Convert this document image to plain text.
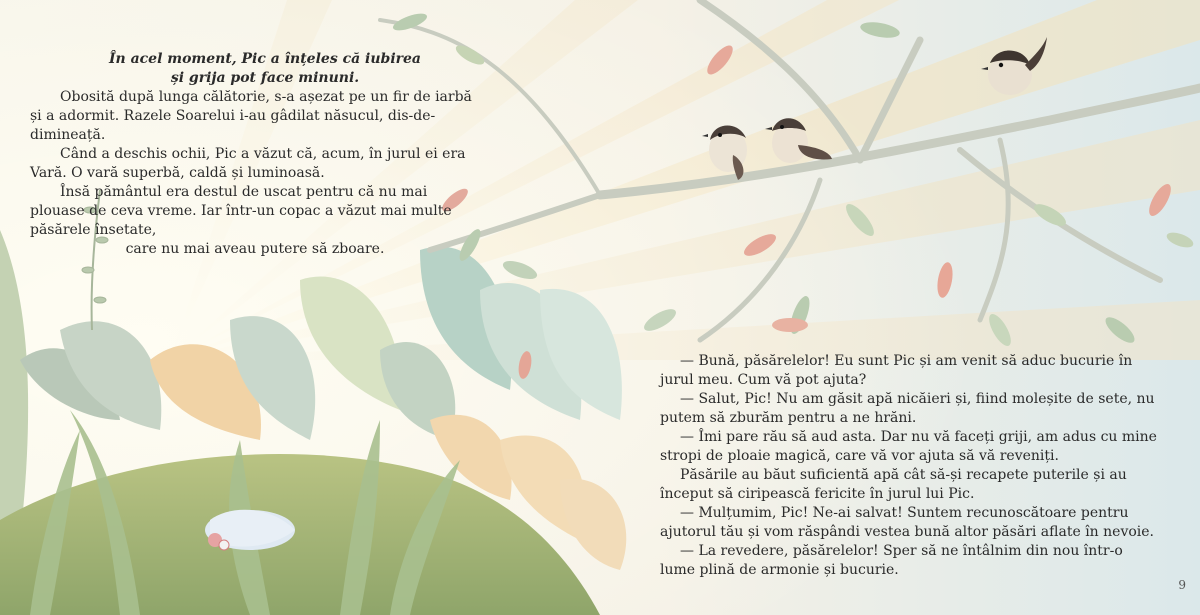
În acel moment, Pic a înțeles că iubirea
și grija pot face minuni.

Obosită după lunga călătorie, s-a așezat pe un fir de iarbă și a adormit. Razele Soarelui i-au gâdilat năsucul, dis-de-dimineață.

Când a deschis ochii, Pic a văzut că, acum, în jurul ei era Vară. O vară superbă, caldă și luminoasă.

Însă pământul era destul de uscat pentru că nu mai plouase de ceva vreme. Iar într-un copac a văzut mai multe păsărele însetate,

care nu mai aveau putere să zboare.

— Bună, păsărelelor! Eu sunt Pic și am venit să aduc bucurie în jurul meu. Cum vă pot ajuta?

— Salut, Pic! Nu am găsit apă nicăieri și, fiind moleșite de sete, nu putem să zburăm pentru a ne hrăni.

— Îmi pare rău să aud asta. Dar nu vă faceți griji, am adus cu mine stropi de ploaie magică, care vă vor ajuta să vă reveniți.

Păsările au băut suficientă apă cât să-și recapete puterile și au început să ciripească fericite în jurul lui Pic.

— Mulțumim, Pic! Ne-ai salvat! Suntem recunoscătoare pentru ajutorul tău și vom răspândi vestea bună altor păsări aflate în nevoie.

— La revedere, păsărelelor! Sper să ne întâlnim din nou într-o lume plină de armonie și bucurie.

9
